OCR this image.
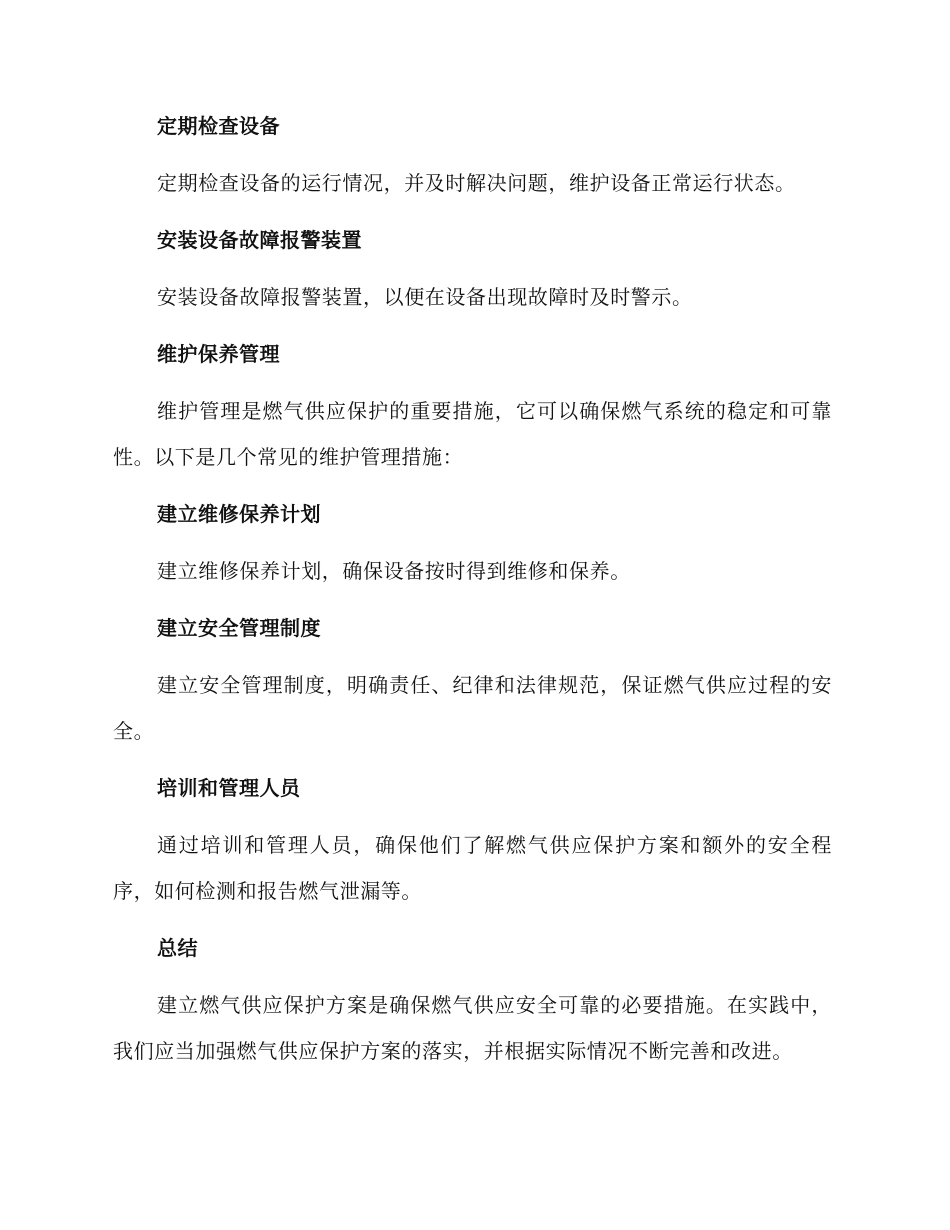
定期检查设备

定期检查设备的运行情况，并及时解决问题，维护设备正常运行状态。

安装设备故障报警装置

安装设备故障报警装置，以便在设备出现故障时及时警示。

维护保养管理

维护管理是燃气供应保护的重要措施，它可以确保燃气系统的稳定和可靠性。以下是几个常见的维护管理措施：

建立维修保养计划

建立维修保养计划，确保设备按时得到维修和保养。

建立安全管理制度

建立安全管理制度，明确责任、纪律和法律规范，保证燃气供应过程的安全。

培训和管理人员

通过培训和管理人员，确保他们了解燃气供应保护方案和额外的安全程序，如何检测和报告燃气泄漏等。

总结

建立燃气供应保护方案是确保燃气供应安全可靠的必要措施。在实践中，我们应当加强燃气供应保护方案的落实，并根据实际情况不断完善和改进。
